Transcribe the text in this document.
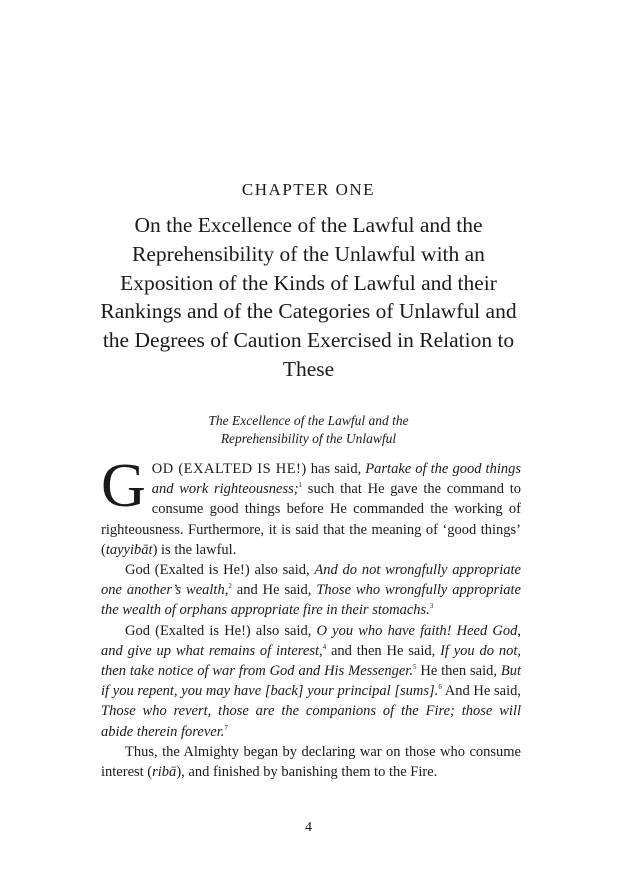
CHAPTER ONE
On the Excellence of the Lawful and the Reprehensibility of the Unlawful with an Exposition of the Kinds of Lawful and their Rankings and of the Categories of Unlawful and the Degrees of Caution Exercised in Relation to These
The Excellence of the Lawful and the
Reprehensibility of the Unlawful

GOD (EXALTED IS HE!) has said, Partake of the good things and work righteousness;$^1$ such that He gave the command to consume good things before He commanded the working of righteousness. Furthermore, it is said that the meaning of ‘good things’ (tayyibāt) is the lawful.

God (Exalted is He!) also said, And do not wrongfully appropriate one another’s wealth,$^2$ and He said, Those who wrongfully appropriate the wealth of orphans appropriate fire in their stomachs.$^3$

God (Exalted is He!) also said, O you who have faith! Heed God, and give up what remains of interest,$^4$ and then He said, If you do not, then take notice of war from God and His Messenger.$^5$ He then said, But if you repent, you may have [back] your principal [sums].$^6$ And He said, Those who revert, those are the companions of the Fire; those will abide therein forever.$^7$

Thus, the Almighty began by declaring war on those who consume interest (ribā), and finished by banishing them to the Fire.

4
